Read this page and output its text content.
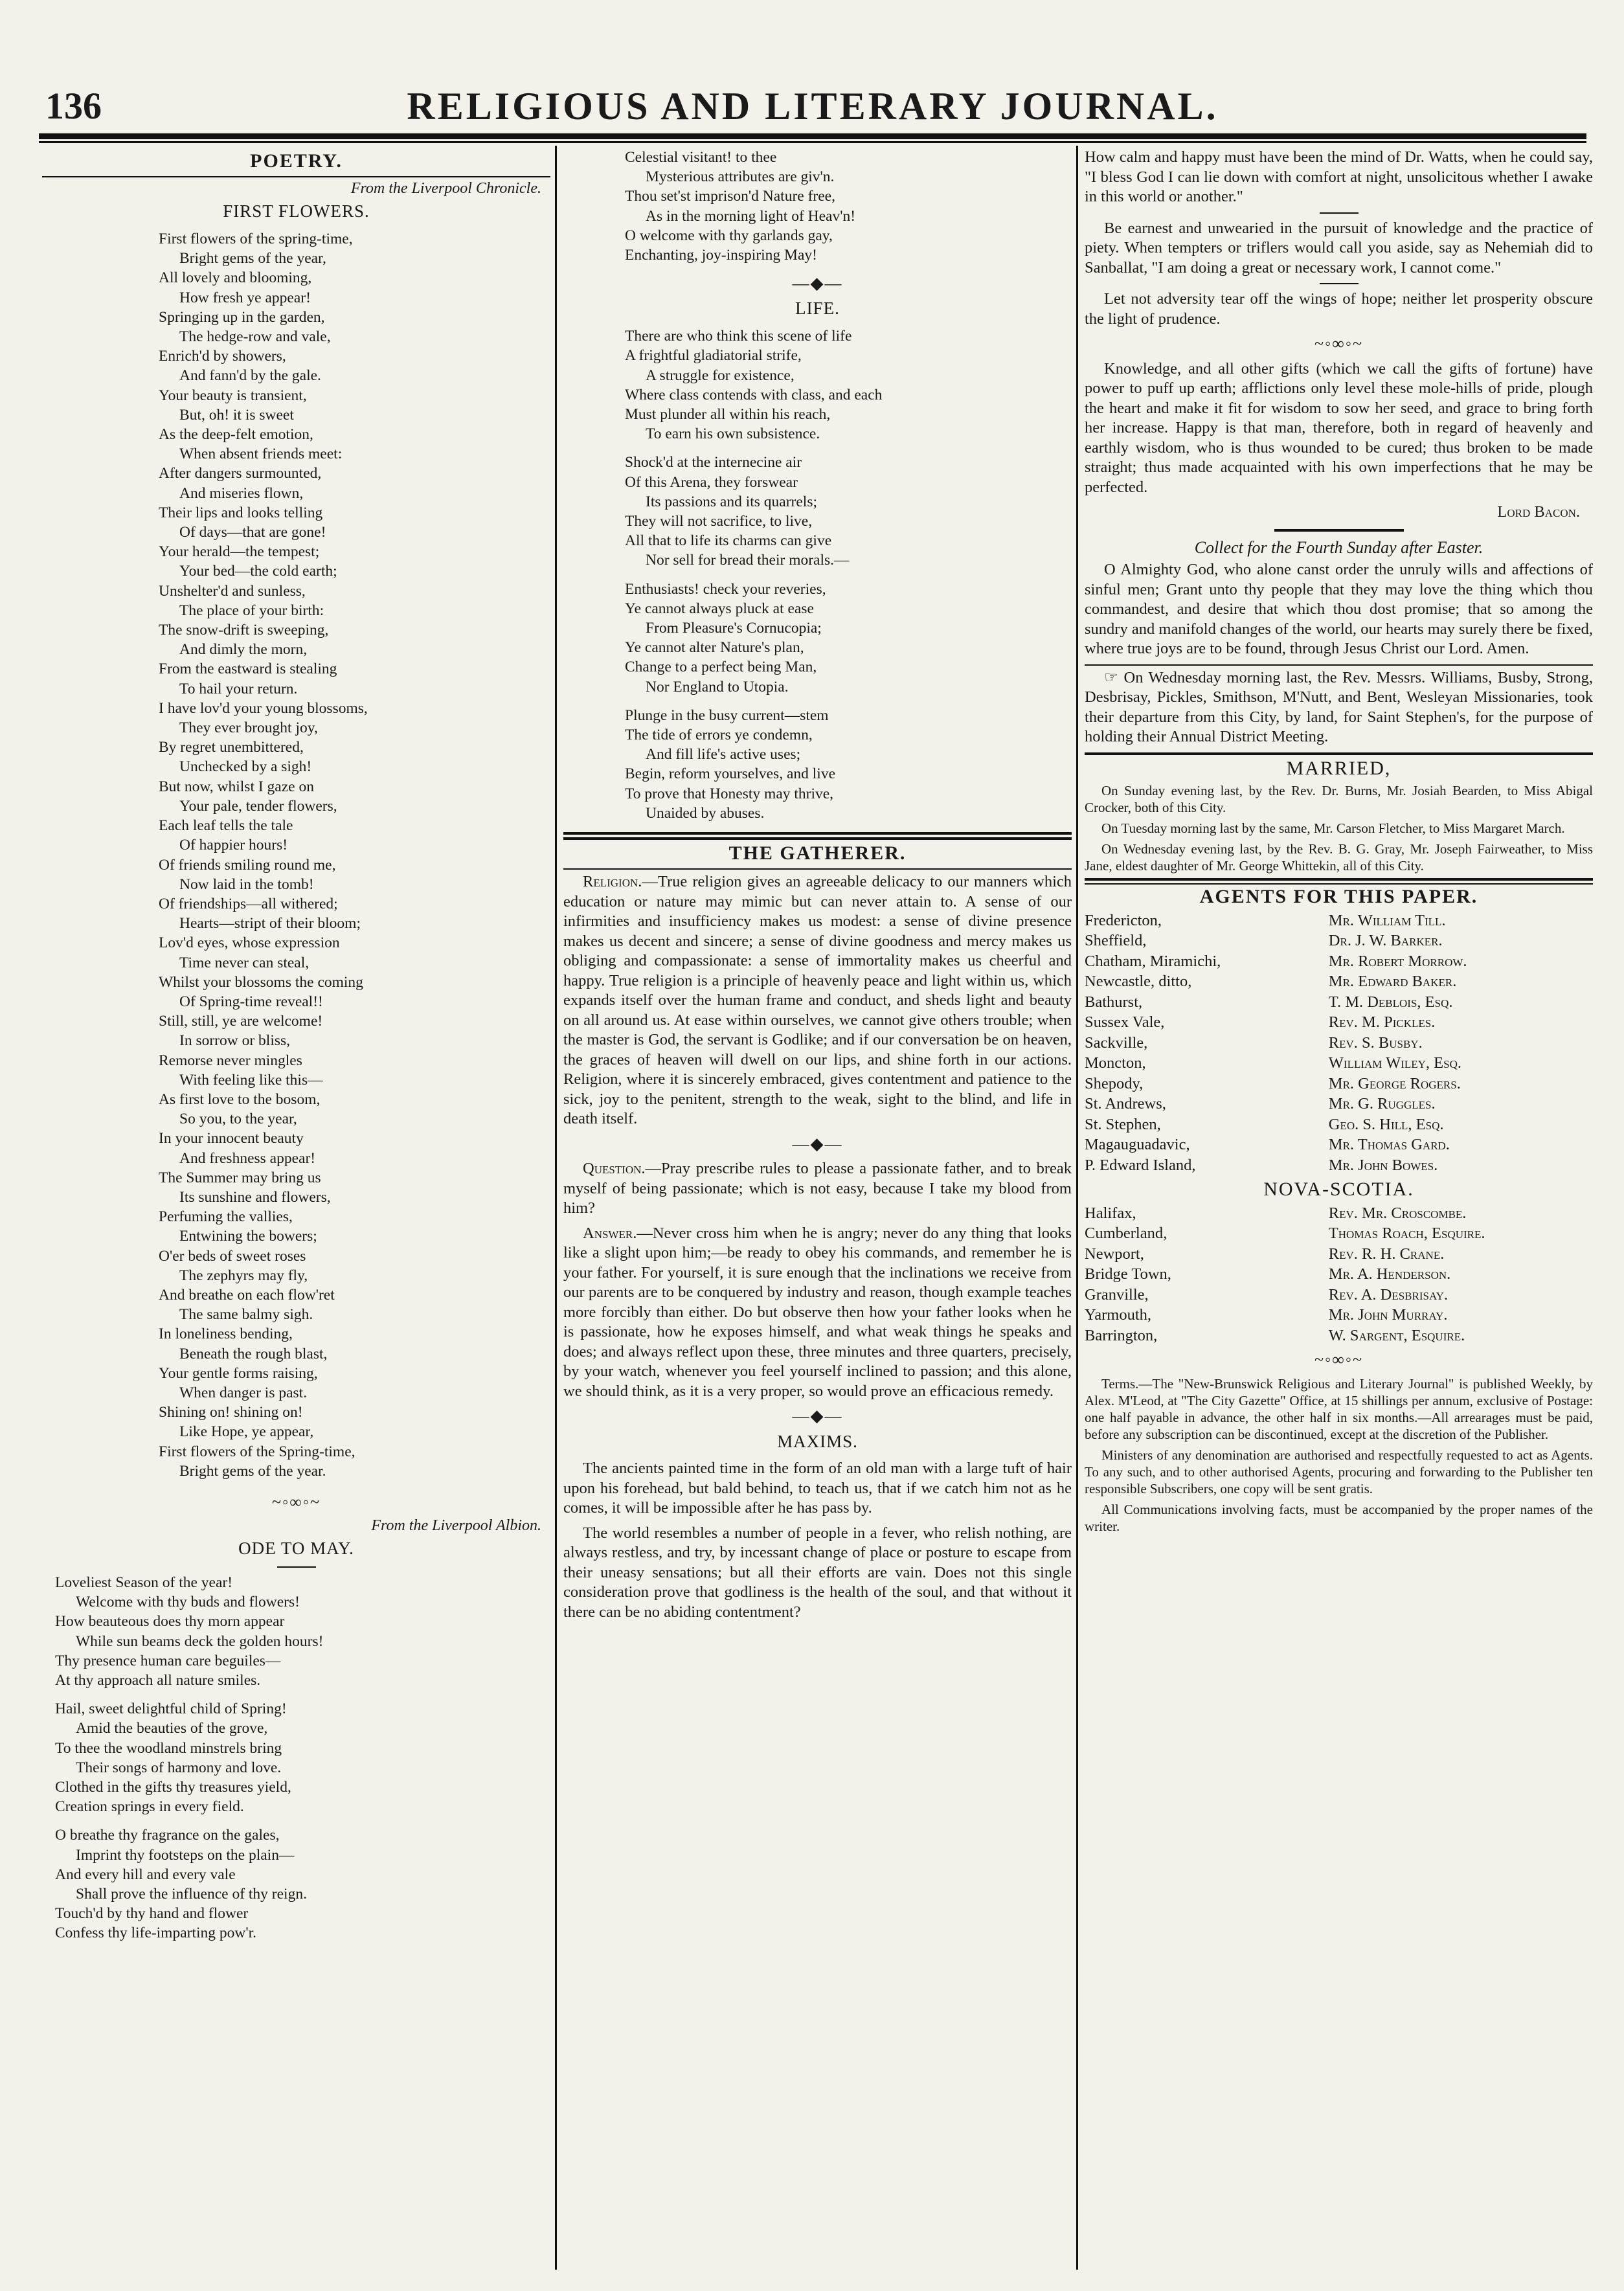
RELIGIOUS AND LITERARY JOURNAL.
136
POETRY.
From the Liverpool Chronicle.
FIRST FLOWERS.
First flowers of the spring-time,
Bright gems of the year,
All lovely and blooming,
How fresh ye appear!
Springing up in the garden,
The hedge-row and vale,
Enrich'd by showers,
And fann'd by the gale.
Your beauty is transient,
But, oh! it is sweet
As the deep-felt emotion,
When absent friends meet:
After dangers surmounted,
And miseries flown,
Their lips and looks telling
Of days—that are gone!
Your herald—the tempest;
Your bed—the cold earth;
Unshelter'd and sunless,
The place of your birth:
The snow-drift is sweeping,
And dimly the morn,
From the eastward is stealing
To hail your return.
I have lov'd your young blossoms,
They ever brought joy,
By regret unembittered,
Unchecked by a sigh!
But now, whilst I gaze on
Your pale, tender flowers,
Each leaf tells the tale
Of happier hours!
Of friends smiling round me,
Now laid in the tomb!
Of friendships—all withered;
Hearts—stript of their bloom;
Lov'd eyes, whose expression
Time never can steal,
Whilst your blossoms the coming
Of Spring-time reveal!!
Still, still, ye are welcome!
In sorrow or bliss,
Remorse never mingles
With feeling like this—
As first love to the bosom,
So you, to the year,
In your innocent beauty
And freshness appear!
The Summer may bring us
Its sunshine and flowers,
Perfuming the vallies,
Entwining the bowers;
O'er beds of sweet roses
The zephyrs may fly,
And breathe on each flow'ret
The same balmy sigh.
In loneliness bending,
Beneath the rough blast,
Your gentle forms raising,
When danger is past.
Shining on! shining on!
Like Hope, ye appear,
First flowers of the Spring-time,
Bright gems of the year.
~◦∞◦~
From the Liverpool Albion.
ODE TO MAY.
Loveliest Season of the year!
Welcome with thy buds and flowers!
How beauteous does thy morn appear
While sun beams deck the golden hours!
Thy presence human care beguiles—
At thy approach all nature smiles.
Hail, sweet delightful child of Spring!
Amid the beauties of the grove,
To thee the woodland minstrels bring
Their songs of harmony and love.
Clothed in the gifts thy treasures yield,
Creation springs in every field.
O breathe thy fragrance on the gales,
Imprint thy footsteps on the plain—
And every hill and every vale
Shall prove the influence of thy reign.
Touch'd by thy hand and flower
Confess thy life-imparting pow'r.
Celestial visitant! to thee
Mysterious attributes are giv'n.
Thou set'st imprison'd Nature free,
As in the morning light of Heav'n!
O welcome with thy garlands gay,
Enchanting, joy-inspiring May!
—◆—
LIFE.
There are who think this scene of life
A frightful gladiatorial strife,
A struggle for existence,
Where class contends with class, and each
Must plunder all within his reach,
To earn his own subsistence.
Shock'd at the internecine air
Of this Arena, they forswear
Its passions and its quarrels;
They will not sacrifice, to live,
All that to life its charms can give
Nor sell for bread their morals.—
Enthusiasts! check your reveries,
Ye cannot always pluck at ease
From Pleasure's Cornucopia;
Ye cannot alter Nature's plan,
Change to a perfect being Man,
Nor England to Utopia.
Plunge in the busy current—stem
The tide of errors ye condemn,
And fill life's active uses;
Begin, reform yourselves, and live
To prove that Honesty may thrive,
Unaided by abuses.
THE GATHERER.

Religion.—True religion gives an agreeable delicacy to our manners which education or nature may mimic but can never attain to. A sense of our infirmities and insufficiency makes us modest: a sense of divine presence makes us decent and sincere; a sense of divine goodness and mercy makes us obliging and compassionate: a sense of immortality makes us cheerful and happy. True religion is a principle of heavenly peace and light within us, which expands itself over the human frame and conduct, and sheds light and beauty on all around us. At ease within ourselves, we cannot give others trouble; when the master is God, the servant is Godlike; and if our conversation be on heaven, the graces of heaven will dwell on our lips, and shine forth in our actions. Religion, where it is sincerely embraced, gives contentment and patience to the sick, joy to the penitent, strength to the weak, sight to the blind, and life in death itself.

—◆—

Question.—Pray prescribe rules to please a passionate father, and to break myself of being passionate; which is not easy, because I take my blood from him?

Answer.—Never cross him when he is angry; never do any thing that looks like a slight upon him;—be ready to obey his commands, and remember he is your father. For yourself, it is sure enough that the inclinations we receive from our parents are to be conquered by industry and reason, though example teaches more forcibly than either. Do but observe then how your father looks when he is passionate, how he exposes himself, and what weak things he speaks and does; and always reflect upon these, three minutes and three quarters, precisely, by your watch, whenever you feel yourself inclined to passion; and this alone, we should think, as it is a very proper, so would prove an efficacious remedy.

—◆—
MAXIMS.

The ancients painted time in the form of an old man with a large tuft of hair upon his forehead, but bald behind, to teach us, that if we catch him not as he comes, it will be impossible after he has pass by.

The world resembles a number of people in a fever, who relish nothing, are always restless, and try, by incessant change of place or posture to escape from their uneasy sensations; but all their efforts are vain. Does not this single consideration prove that godliness is the health of the soul, and that without it there can be no abiding contentment?

How calm and happy must have been the mind of Dr. Watts, when he could say, "I bless God I can lie down with comfort at night, unsolicitous whether I awake in this world or another."

Be earnest and unwearied in the pursuit of knowledge and the practice of piety. When tempters or triflers would call you aside, say as Nehemiah did to Sanballat, "I am doing a great or necessary work, I cannot come."

Let not adversity tear off the wings of hope; neither let prosperity obscure the light of prudence.

~◦∞◦~

Knowledge, and all other gifts (which we call the gifts of fortune) have power to puff up earth; afflictions only level these mole-hills of pride, plough the heart and make it fit for wisdom to sow her seed, and grace to bring forth her increase. Happy is that man, therefore, both in regard of heavenly and earthly wisdom, who is thus wounded to be cured; thus broken to be made straight; thus made acquainted with his own imperfections that he may be perfected.

Lord Bacon.
Collect for the Fourth Sunday after Easter.

O Almighty God, who alone canst order the unruly wills and affections of sinful men; Grant unto thy people that they may love the thing which thou commandest, and desire that which thou dost promise; that so among the sundry and manifold changes of the world, our hearts may surely there be fixed, where true joys are to be found, through Jesus Christ our Lord. Amen.

☞ On Wednesday morning last, the Rev. Messrs. Williams, Busby, Strong, Desbrisay, Pickles, Smithson, M'Nutt, and Bent, Wesleyan Missionaries, took their departure from this City, by land, for Saint Stephen's, for the purpose of holding their Annual District Meeting.

MARRIED,

On Sunday evening last, by the Rev. Dr. Burns, Mr. Josiah Bearden, to Miss Abigal Crocker, both of this City.

On Tuesday morning last by the same, Mr. Carson Fletcher, to Miss Margaret March.

On Wednesday evening last, by the Rev. B. G. Gray, Mr. Joseph Fairweather, to Miss Jane, eldest daughter of Mr. George Whittekin, all of this City.

AGENTS FOR THIS PAPER.
Fredericton,	Mr. William Till.
Sheffield,	Dr. J. W. Barker.
Chatham, Miramichi,	Mr. Robert Morrow.
Newcastle, ditto,	Mr. Edward Baker.
Bathurst,	T. M. Deblois, Esq.
Sussex Vale,	Rev. M. Pickles.
Sackville,	Rev. S. Busby.
Moncton,	William Wiley, Esq.
Shepody,	Mr. George Rogers.
St. Andrews,	Mr. G. Ruggles.
St. Stephen,	Geo. S. Hill, Esq.
Magauguadavic,	Mr. Thomas Gard.
P. Edward Island,	Mr. John Bowes.
NOVA-SCOTIA.
Halifax,	Rev. Mr. Croscombe.
Cumberland,	Thomas Roach, Esquire.
Newport,	Rev. R. H. Crane.
Bridge Town,	Mr. A. Henderson.
Granville,	Rev. A. Desbrisay.
Yarmouth,	Mr. John Murray.
Barrington,	W. Sargent, Esquire.
~◦∞◦~

Terms.—The "New-Brunswick Religious and Literary Journal" is published Weekly, by Alex. M'Leod, at "The City Gazette" Office, at 15 shillings per annum, exclusive of Postage: one half payable in advance, the other half in six months.—All arrearages must be paid, before any subscription can be discontinued, except at the discretion of the Publisher.

Ministers of any denomination are authorised and respectfully requested to act as Agents. To any such, and to other authorised Agents, procuring and forwarding to the Publisher ten responsible Subscribers, one copy will be sent gratis.

All Communications involving facts, must be accompanied by the proper names of the writer.
